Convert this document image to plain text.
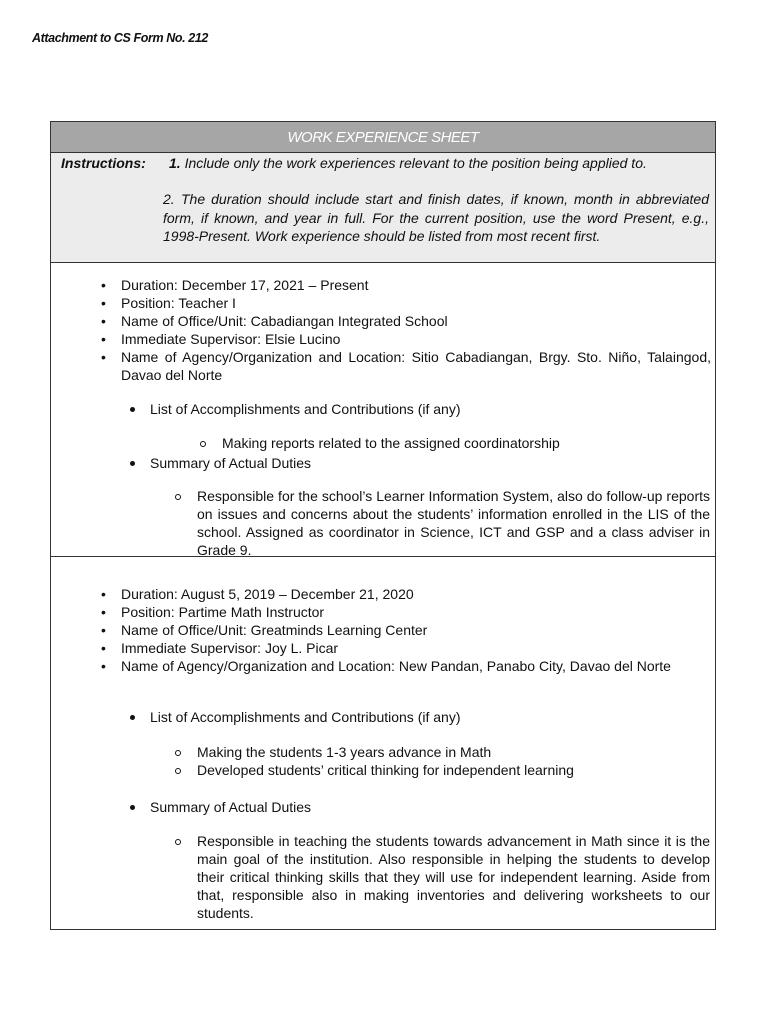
Attachment to CS Form No. 212
WORK EXPERIENCE SHEET
Instructions: 1. Include only the work experiences relevant to the position being applied to.
2. The duration should include start and finish dates, if known, month in abbreviated form, if known, and year in full. For the current position, use the word Present, e.g., 1998-Present. Work experience should be listed from most recent first.
• Duration: December 17, 2021 – Present
• Position: Teacher I
• Name of Office/Unit: Cabadiangan Integrated School
• Immediate Supervisor: Elsie Lucino
• Name of Agency/Organization and Location: Sitio Cabadiangan, Brgy. Sto. Niño, Talaingod, Davao del Norte
List of Accomplishments and Contributions (if any)
Making reports related to the assigned coordinatorship
Summary of Actual Duties
Responsible for the school’s Learner Information System, also do follow-up reports on issues and concerns about the students’ information enrolled in the LIS of the school. Assigned as coordinator in Science, ICT and GSP and a class adviser in Grade 9.
• Duration: August 5, 2019 – December 21, 2020
• Position: Partime Math Instructor
• Name of Office/Unit: Greatminds Learning Center
• Immediate Supervisor: Joy L. Picar
• Name of Agency/Organization and Location: New Pandan, Panabo City, Davao del Norte
List of Accomplishments and Contributions (if any)
Making the students 1-3 years advance in Math
Developed students’ critical thinking for independent learning
Summary of Actual Duties
Responsible in teaching the students towards advancement in Math since it is the main goal of the institution. Also responsible in helping the students to develop their critical thinking skills that they will use for independent learning. Aside from that, responsible also in making inventories and delivering worksheets to our students.
